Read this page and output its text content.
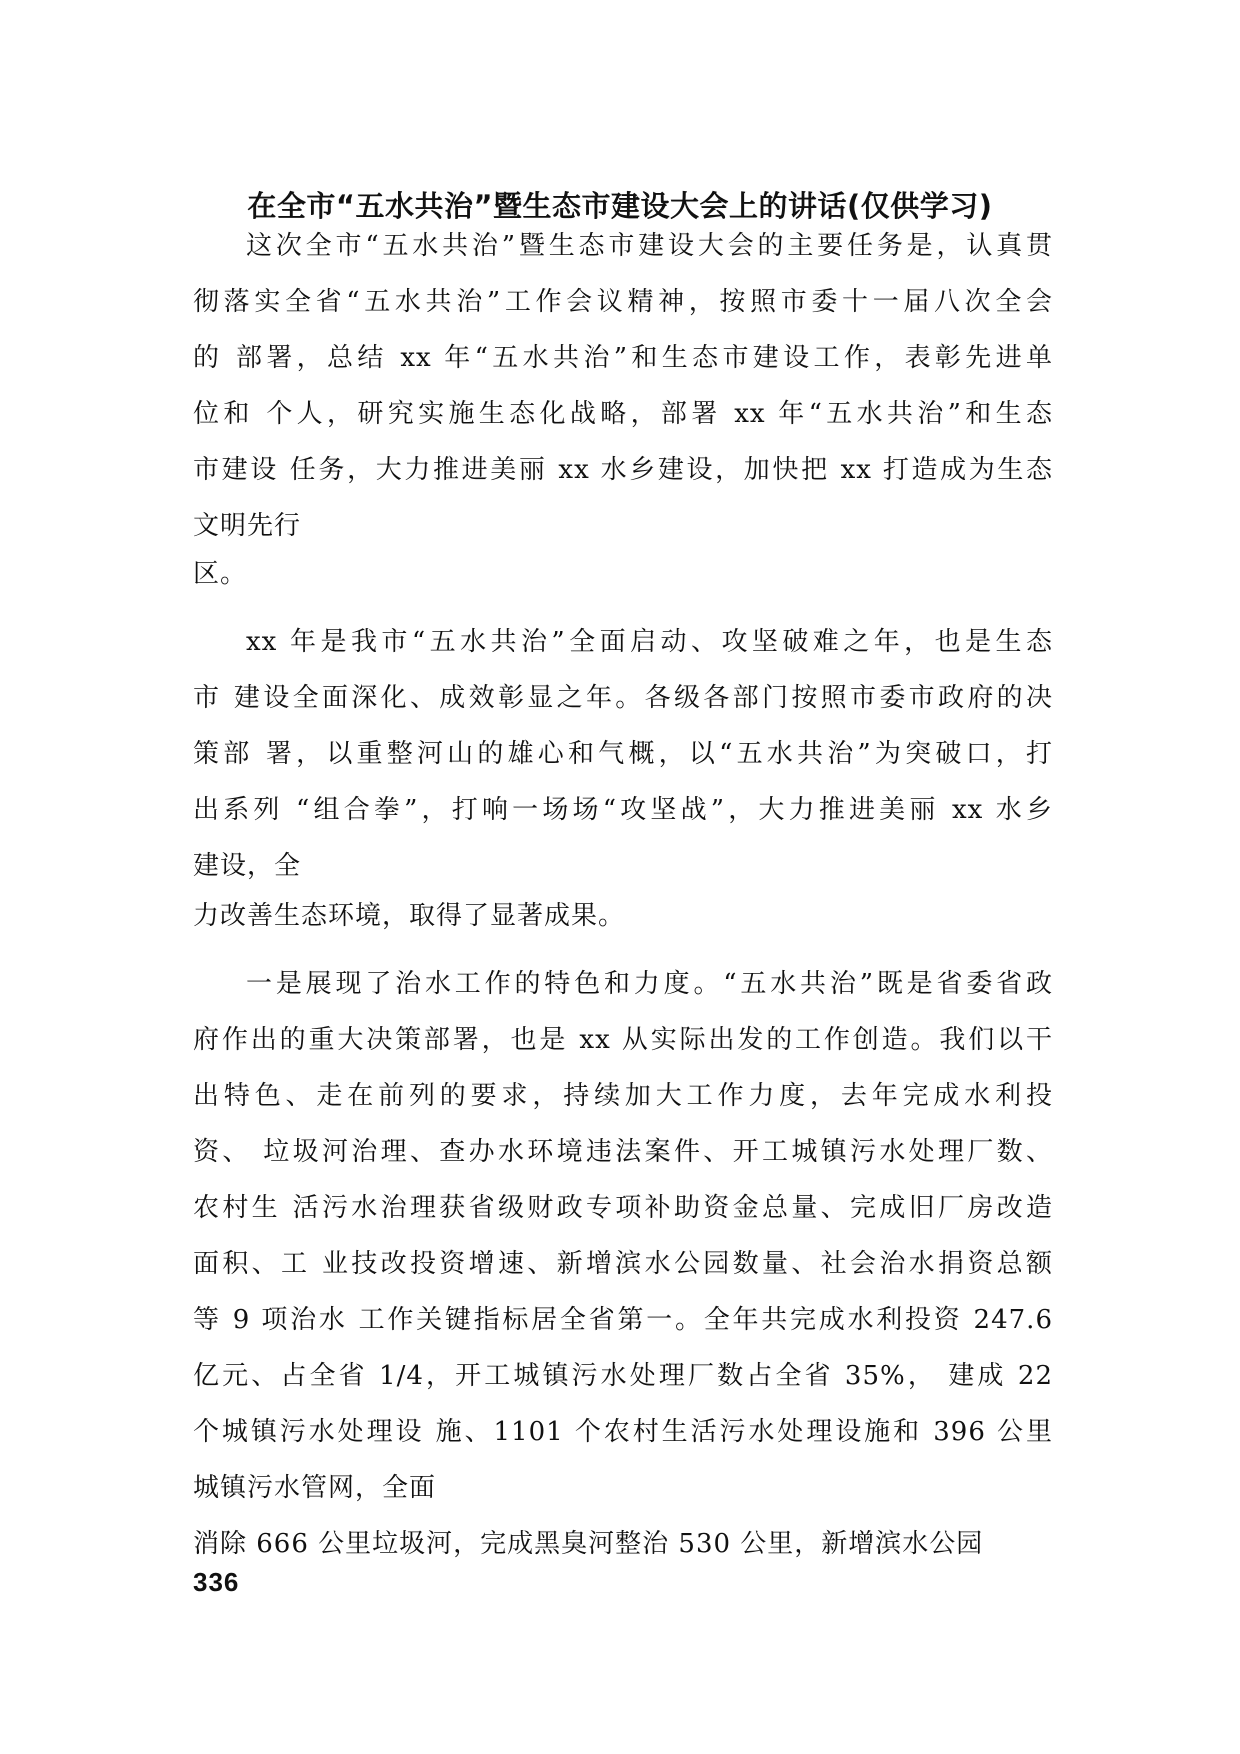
在全市“五水共治”暨生态市建设大会上的讲话(仅供学习)
这次全市“五水共治”暨生态市建设大会的主要任务是，认真贯
彻落实全省“五水共治”工作会议精神，按照市委十一届八次全会
的 部署，总结 xx 年“五水共治”和生态市建设工作，表彰先进单
位和 个人，研究实施生态化战略，部署 xx 年“五水共治”和生态
市建设 任务，大力推进美丽 xx 水乡建设，加快把 xx 打造成为生态
文明先行
区。
xx 年是我市“五水共治”全面启动、攻坚破难之年，也是生态
市 建设全面深化、成效彰显之年。各级各部门按照市委市政府的决
策部 署，以重整河山的雄心和气概，以“五水共治”为突破口，打
出系列 “组合拳”，打响一场场“攻坚战”，大力推进美丽 xx 水乡
建设，全
力改善生态环境，取得了显著成果。
一是展现了治水工作的特色和力度。“五水共治”既是省委省政
府作出的重大决策部署，也是 xx 从实际出发的工作创造。我们以干
出特色、走在前列的要求，持续加大工作力度，去年完成水利投
资、 垃圾河治理、查办水环境违法案件、开工城镇污水处理厂数、
农村生 活污水治理获省级财政专项补助资金总量、完成旧厂房改造
面积、工 业技改投资增速、新增滨水公园数量、社会治水捐资总额
等 9 项治水 工作关键指标居全省第一。全年共完成水利投资 247.6
亿元、占全省 1/4，开工城镇污水处理厂数占全省 35%， 建成 22
个城镇污水处理设 施、1101 个农村生活污水处理设施和 396 公里
城镇污水管网，全面
消除 666 公里垃圾河，完成黑臭河整治 530 公里，新增滨水公园
336
